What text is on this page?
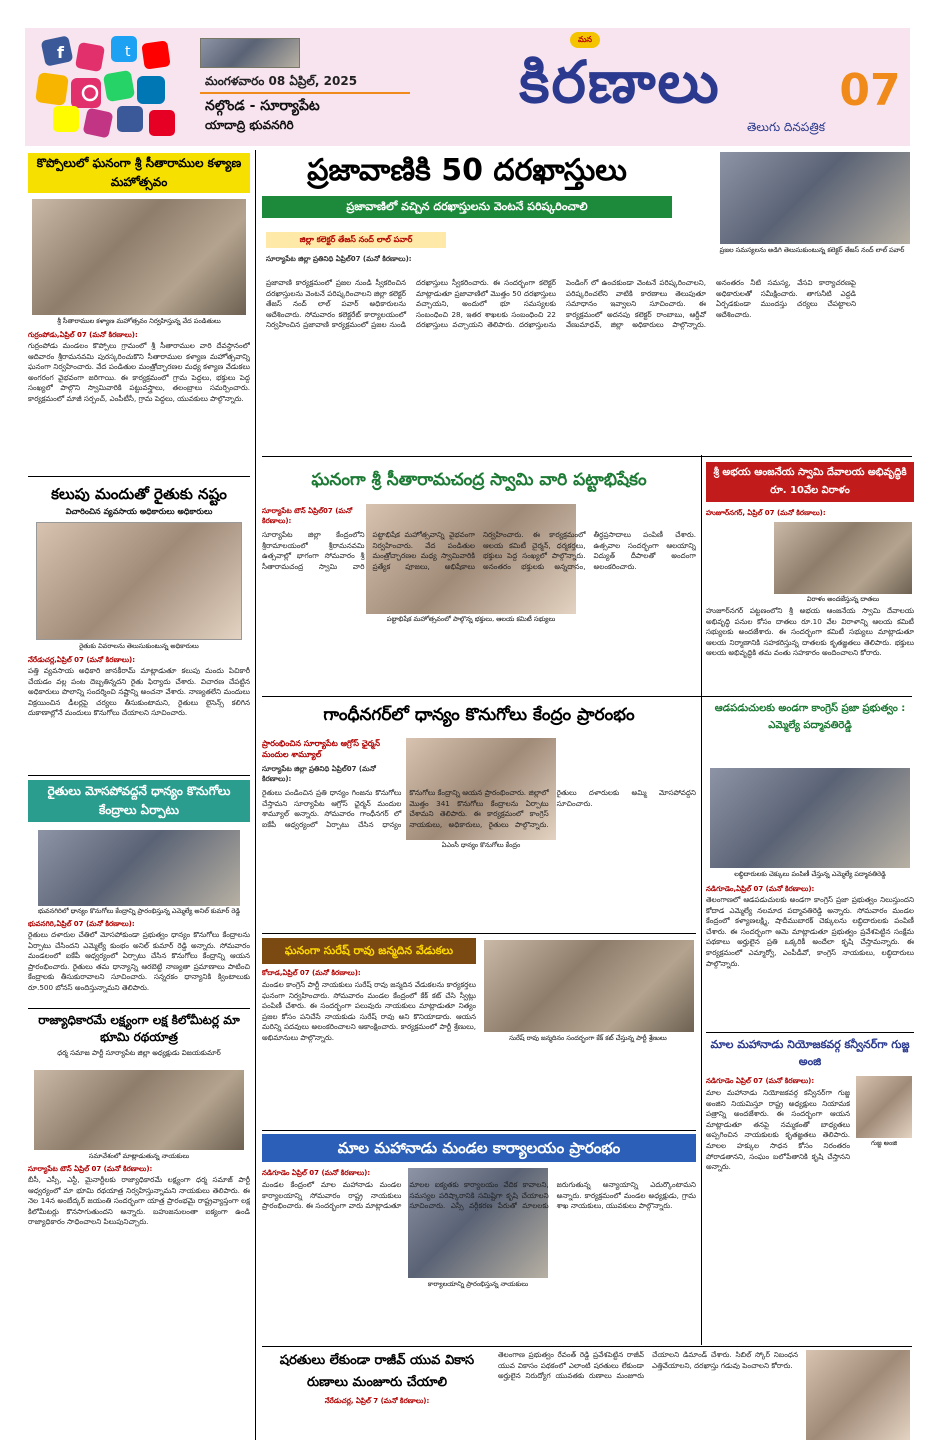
f	t
మంగళవారం 08 ఏప్రిల్, 2025
నల్గొండ - సూర్యాపేట
యాదాద్రి భువనగిరి
కిరణాలు
మన
తెలుగు దినపత్రిక
07
కొప్పోలులో ఘనంగా శ్రీ సీతారాముల కళ్యాణ మహోత్సవం
శ్రీ సీతారాముల కళ్యాణ మహోత్సవం నిర్వహిస్తున్న వేద పండితులు
గుర్రంపోడు,ఏప్రిల్ 07 (మనో కిరణాలు):
గుర్రంపోడు మండలం కొప్పోలు గ్రామంలో శ్రీ సీతారాముల వారి దేవస్థానంలో ఆదివారం శ్రీరామనవమి పురస్కరించుకొని సీతారాముల కళ్యాణ మహోత్సవాన్ని ఘనంగా నిర్వహించారు. వేద పండితుల మంత్రోచ్ఛారణల మధ్య కళ్యాణ వేడుకలు అంగరంగ వైభవంగా జరిగాయి. ఈ కార్యక్రమంలో గ్రామ పెద్దలు, భక్తులు పెద్ద సంఖ్యలో పాల్గొని స్వామివారికి పట్టువస్త్రాలు, తలంబ్రాలు సమర్పించారు. కార్యక్రమంలో మాజీ సర్పంచ్, ఎంపీటీసీ, గ్రామ పెద్దలు, యువకులు పాల్గొన్నారు.
కలుపు మందుతో రైతుకు నష్టం
విచారించిన వ్యవసాయ అధికారులు అధికారులు
రైతుకు వివరాలను తెలుసుకుంటున్న అధికారులు
నేరేడుచర్ల,ఏప్రిల్ 07 (మనో కిరణాలు):
పత్తి వ్యవసాయ అధికారి జానకీరామ్ మాట్లాడుతూ కలుపు మందు పిచికారీ చేయడం వల్ల పంట దెబ్బతిన్నదని రైతు ఫిర్యాదు చేశారు. విచారణ చేపట్టిన అధికారులు పొలాన్ని సందర్శించి నష్టాన్ని అంచనా వేశారు. నాణ్యతలేని మందులు విక్రయించిన డీలర్లపై చర్యలు తీసుకుంటామని, రైతులు లైసెన్స్ కలిగిన దుకాణాల్లోనే మందులు కొనుగోలు చేయాలని సూచించారు.
రైతులు మోసపోవద్దనే ధాన్యం కొనుగోలు కేంద్రాలు ఏర్పాటు
భువనగిరిలో ధాన్యం కొనుగోలు కేంద్రాన్ని ప్రారంభిస్తున్న ఎమ్మెల్యే అనిల్ కుమార్ రెడ్డి
భువనగిరి,ఏప్రిల్ 07 (మనో కిరణాలు):
రైతులు దళారుల చేతిలో మోసపోకుండా ప్రభుత్వం ధాన్యం కొనుగోలు కేంద్రాలను ఏర్పాటు చేసిందని ఎమ్మెల్యే కుంభం అనిల్ కుమార్ రెడ్డి అన్నారు. సోమవారం మండలంలో ఐకేపీ ఆధ్వర్యంలో ఏర్పాటు చేసిన కొనుగోలు కేంద్రాన్ని ఆయన ప్రారంభించారు. రైతులు తమ ధాన్యాన్ని ఆరబెట్టి నాణ్యతా ప్రమాణాలు పాటించి కేంద్రాలకు తీసుకురావాలని సూచించారు. సన్నరకం ధాన్యానికి క్వింటాలుకు రూ.500 బోనస్ అందిస్తున్నామని తెలిపారు.
రాజ్యాధికారమే లక్ష్యంగా లక్ష కిలోమీటర్ల మా భూమి రథయాత్ర
ధర్మ సమాజ పార్టీ సూర్యాపేట జిల్లా అధ్యక్షుడు విజయకుమార్
సమావేశంలో మాట్లాడుతున్న నాయకులు
సూర్యాపేట టౌన్ ఏప్రిల్ 07 (మనో కిరణాలు):
బీసీ, ఎస్సీ, ఎస్టీ, మైనార్టీలకు రాజ్యాధికారమే లక్ష్యంగా ధర్మ సమాజ్ పార్టీ ఆధ్వర్యంలో మా భూమి రథయాత్ర నిర్వహిస్తున్నామని నాయకులు తెలిపారు. ఈ నెల 14న అంబేద్కర్ జయంతి సందర్భంగా యాత్ర ప్రారంభమై రాష్ట్రవ్యాప్తంగా లక్ష కిలోమీటర్లు కొనసాగుతుందని అన్నారు. బహుజనులంతా ఐక్యంగా ఉండి రాజ్యాధికారం సాధించాలని పిలుపునిచ్చారు.
ప్రజావాణికి 50 దరఖాస్తులు
ప్రజావాణిలో వచ్చిన దరఖాస్తులను వెంటనే పరిష్కరించాలి
జిల్లా కలెక్టర్ తేజస్ నంద్ లాల్ పవార్
సూర్యాపేట జిల్లా ప్రతినిధి ఏప్రిల్07 (మనో కిరణాలు):
ప్రజావాణి కార్యక్రమంలో ప్రజల నుండి స్వీకరించిన దరఖాస్తులను వెంటనే పరిష్కరించాలని జిల్లా కలెక్టర్ తేజస్ నంద్ లాల్ పవార్ అధికారులను ఆదేశించారు. సోమవారం కలెక్టరేట్ కార్యాలయంలో నిర్వహించిన ప్రజావాణి కార్యక్రమంలో ప్రజల నుండి దరఖాస్తులు స్వీకరించారు. ఈ సందర్భంగా కలెక్టర్ మాట్లాడుతూ ప్రజావాణిలో మొత్తం 50 దరఖాస్తులు వచ్చాయని, అందులో భూ సమస్యలకు సంబంధించి 28, ఇతర శాఖలకు సంబంధించి 22 దరఖాస్తులు వచ్చాయని తెలిపారు. దరఖాస్తులను పెండింగ్ లో ఉంచకుండా వెంటనే పరిష్కరించాలని, పరిష్కరించలేని వాటికి కారణాలు తెలుపుతూ సమాధానం ఇవ్వాలని సూచించారు. ఈ కార్యక్రమంలో అదనపు కలెక్టర్ రాంబాబు, ఆర్డీవో వేణుమాధవ్, జిల్లా అధికారులు పాల్గొన్నారు. అనంతరం నీటి సమస్య, వేసవి కార్యాచరణపై అధికారులతో సమీక్షించారు. తాగునీటి ఎద్దడి ఏర్పడకుండా ముందస్తు చర్యలు చేపట్టాలని ఆదేశించారు.
ప్రజల సమస్యలను అడిగి తెలుసుకుంటున్న కలెక్టర్ తేజస్ నంద్ లాల్ పవార్
ఘనంగా శ్రీ సీతారామచంద్ర స్వామి వారి పట్టాభిషేకం
సూర్యాపేట టౌన్ ఏప్రిల్07 (మనో కిరణాలు):
పట్టాభిషేక మహోత్సవంలో పాల్గొన్న భక్తులు, ఆలయ కమిటీ సభ్యులు
సూర్యాపేట జిల్లా కేంద్రంలోని శ్రీరామాలయంలో శ్రీరామనవమి ఉత్సవాల్లో భాగంగా సోమవారం శ్రీ సీతారామచంద్ర స్వామి వారి పట్టాభిషేక మహోత్సవాన్ని వైభవంగా నిర్వహించారు. వేద పండితుల మంత్రోచ్ఛారణల మధ్య స్వామివారికి ప్రత్యేక పూజలు, అభిషేకాలు నిర్వహించారు. ఈ కార్యక్రమంలో ఆలయ కమిటీ చైర్మన్, ధర్మకర్తలు, భక్తులు పెద్ద సంఖ్యలో పాల్గొన్నారు. అనంతరం భక్తులకు అన్నదానం, తీర్థప్రసాదాలు పంపిణీ చేశారు. ఉత్సవాల సందర్భంగా ఆలయాన్ని విద్యుత్ దీపాలతో అందంగా అలంకరించారు.
శ్రీ అభయ ఆంజనేయ స్వామి దేవాలయ అభివృద్ధికి రూ. 10వేల విరాళం
హుజూర్‌నగర్, ఏప్రిల్ 07 (మనో కిరణాలు):
విరాళం అందజేస్తున్న దాతలు
హుజూర్‌నగర్ పట్టణంలోని శ్రీ అభయ ఆంజనేయ స్వామి దేవాలయ అభివృద్ధి పనుల కోసం దాతలు రూ.10 వేల విరాళాన్ని ఆలయ కమిటీ సభ్యులకు అందజేశారు. ఈ సందర్భంగా కమిటీ సభ్యులు మాట్లాడుతూ ఆలయ నిర్మాణానికి సహకరిస్తున్న దాతలకు కృతజ్ఞతలు తెలిపారు. భక్తులు ఆలయ అభివృద్ధికి తమ వంతు సహకారం అందించాలని కోరారు.
గాంధీనగర్‌లో ధాన్యం కొనుగోలు కేంద్రం ప్రారంభం
ప్రారంభించిన సూర్యాపేట ఆగ్రోస్ ఛైర్మన్ మందుల శామ్యూల్
సూర్యాపేట జిల్లా ప్రతినిధి ఏప్రిల్07 (మనో కిరణాలు):
ఏఎంసీ ధాన్యం కొనుగోలు కేంద్రం
రైతులు పండించిన ప్రతి ధాన్యం గింజను కొనుగోలు చేస్తామని సూర్యాపేట ఆగ్రోస్ ఛైర్మన్ మందుల శామ్యూల్ అన్నారు. సోమవారం గాంధీనగర్ లో ఐకేపీ ఆధ్వర్యంలో ఏర్పాటు చేసిన ధాన్యం కొనుగోలు కేంద్రాన్ని ఆయన ప్రారంభించారు. జిల్లాలో మొత్తం 341 కొనుగోలు కేంద్రాలను ఏర్పాటు చేశామని తెలిపారు. ఈ కార్యక్రమంలో కాంగ్రెస్ నాయకులు, అధికారులు, రైతులు పాల్గొన్నారు. రైతులు దళారులకు అమ్మి మోసపోవద్దని సూచించారు.
ఆడపడుచులకు అండగా కాంగ్రెస్ ప్రజా ప్రభుత్వం : ఎమ్మెల్యే పద్మావతిరెడ్డి
లబ్ధిదారులకు చెక్కులు పంపిణీ చేస్తున్న ఎమ్మెల్యే పద్మావతిరెడ్డి
నడిగూడెం,ఏప్రిల్ 07 (మనో కిరణాలు):
తెలంగాణలో ఆడపడుచులకు అండగా కాంగ్రెస్ ప్రజా ప్రభుత్వం నిలుస్తుందని కోదాడ ఎమ్మెల్యే నలమాద పద్మావతిరెడ్డి అన్నారు. సోమవారం మండల కేంద్రంలో కళ్యాణలక్ష్మి, షాదీముబారక్ చెక్కులను లబ్ధిదారులకు పంపిణీ చేశారు. ఈ సందర్భంగా ఆమె మాట్లాడుతూ ప్రభుత్వం ప్రవేశపెట్టిన సంక్షేమ పథకాలు అర్హులైన ప్రతి ఒక్కరికీ అందేలా కృషి చేస్తామన్నారు. ఈ కార్యక్రమంలో ఎమ్మార్వో, ఎంపీడీవో, కాంగ్రెస్ నాయకులు, లబ్ధిదారులు పాల్గొన్నారు.
ఘనంగా సురేష్ రావు జన్మదిన వేడుకలు
కోదాడ,ఏప్రిల్ 07 (మనో కిరణాలు):
మండల కాంగ్రెస్ పార్టీ నాయకులు సురేష్ రావు జన్మదిన వేడుకలను కార్యకర్తలు ఘనంగా నిర్వహించారు. సోమవారం మండల కేంద్రంలో కేక్ కట్ చేసి స్వీట్లు పంపిణీ చేశారు. ఈ సందర్భంగా పలువురు నాయకులు మాట్లాడుతూ నిత్యం ప్రజల కోసం పనిచేసే నాయకుడు సురేష్ రావు అని కొనియాడారు. ఆయన మరిన్ని పదవులు అలంకరించాలని ఆకాంక్షించారు. కార్యక్రమంలో పార్టీ శ్రేణులు, అభిమానులు పాల్గొన్నారు.	సురేష్ రావు జన్మదినం సందర్భంగా కేక్ కట్ చేస్తున్న పార్టీ శ్రేణులు	మాల మహానాడు నియోజకవర్గ కన్వీనర్‌గా గుజ్జ అంజి
నడిగూడెం ఏప్రిల్ 07 (మనో కిరణాలు):
గుజ్జ అంజి
మాల మహానాడు నియోజకవర్గ కన్వీనర్‌గా గుజ్జ అంజిని నియమిస్తూ రాష్ట్ర అధ్యక్షులు నియామక పత్రాన్ని అందజేశారు. ఈ సందర్భంగా ఆయన మాట్లాడుతూ తనపై నమ్మకంతో బాధ్యతలు అప్పగించిన నాయకులకు కృతజ్ఞతలు తెలిపారు. మాలల హక్కుల సాధన కోసం నిరంతరం పోరాడతానని, సంఘం బలోపేతానికి కృషి చేస్తానని అన్నారు.
మాల మహానాడు మండల కార్యాలయం ప్రారంభం
నడిగూడెం ఏప్రిల్ 07 (మనో కిరణాలు):
కార్యాలయాన్ని ప్రారంభిస్తున్న నాయకులు
మండల కేంద్రంలో మాల మహానాడు మండల కార్యాలయాన్ని సోమవారం రాష్ట్ర నాయకులు ప్రారంభించారు. ఈ సందర్భంగా వారు మాట్లాడుతూ మాలల ఐక్యతకు కార్యాలయం వేదిక కావాలని, సమస్యల పరిష్కారానికి సమిష్టిగా కృషి చేయాలని సూచించారు. ఎస్సీ వర్గీకరణ పేరుతో మాలలకు జరుగుతున్న అన్యాయాన్ని ఎదుర్కొంటామని అన్నారు. కార్యక్రమంలో మండల అధ్యక్షుడు, గ్రామ శాఖ నాయకులు, యువకులు పాల్గొన్నారు.
షరతులు లేకుండా రాజీవ్ యువ వికాస రుణాలు మంజూరు చేయాలి
నేరేడుచర్ల, ఏప్రిల్ 7 (మనో కిరణాలు):
తెలంగాణ ప్రభుత్వం రేవంత్ రెడ్డి ప్రవేశపెట్టిన రాజీవ్ యువ వికాసం పథకంలో ఎలాంటి షరతులు లేకుండా అర్హులైన నిరుద్యోగ యువతకు రుణాలు మంజూరు చేయాలని డిమాండ్ చేశారు. సిబిల్ స్కోర్ నిబంధన ఎత్తివేయాలని, దరఖాస్తు గడువు పెంచాలని కోరారు.
